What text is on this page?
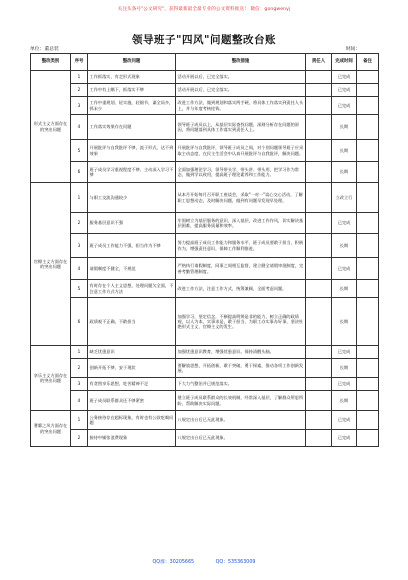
关注头条号"公文研究"，获得最新最全最专业的公文资料推送！ 微信：gongwenyj
领导班子"四风"问题整改台账
单位：董总装	时间：
整改类别	序号	整改问题	整改措施	责任人	完成时间	备注
形式主义方面存在的突出问题	1	工作抓落实，有走形式现象	活动开展以后，已完全落实。		已完成	
	2	工作中有上瞒下，抓落实不够	活动开展以后，已完全落实。		已完成	
	3	工作中重规划、轻实施，轻细节，谋全局多，抓末少	改进工作方法，做到规划和落实两手硬，将具体工作落实到责任人头上，并与年度考核挂钩。		已完成	
	4	工作落实效果存在问题	领导班子成员以上，从基层实际查找问题，深刻分析存在问题的原因，将问题落到具体工作落实到责任人上。		长期	
	5	开展批评与自我批评不够，流于形式，达不到效果	开展批评与自我批评，领导班子成员之间，对个别问题领导班子应采取主动态度，在民主生活会中认真开展批评与自我批评，解决问题。		长期	
	6	班子成员学习重视程度不够，主动深入学习不够	全面加强理论学习，领导带头学、带头讲、带头用，把学习作为常态，做到学以致用，提高班子理论素养和工作能力。		长期	
官僚主义方面存在的突出问题	1	与职工交流沟通较少	从本月开始每月召开职工座谈会，采取"一对一"谈心交心活动，了解职工思想动态，及时解决问题，做到有问题早发现早处理。		立改立行	
	2	服务基层意识不强	牢固树立为基层服务的意识，深入基层，改进工作作风，切实解决基层困难，提高服务质量和效率。		已完成	
	3	班子成员工作能力不强，担当作为不够	努力提高班子成员工作能力和服务水平，班子成员要敢于担当，积极作为，增强责任意识，保障工作顺利推进。		长期	
	4	请假制度不健全，不规范	严格执行请假制度，同事之间相互监督，建立健全请假审批制度，完善考勤管理制度。		已完成	
	5	有时存在个人主义思想，处理问题欠全面，不注意工作方式方法	改进工作方法，注意工作方式，统筹兼顾，全面考虑问题。		长期	
	6	政绩观不正确，不敢担当	加强学习，坚定信念，不断提高明辨是非的能力，树立正确的政绩观，以人为本，实事求是，敢于担当，为职工办实事办好事，坚决杜绝形式主义、官僚主义的发生。		长期	
享乐主义方面存在的突出问题	1	缺乏忧患意识	加强忧患意识教育，增强忧患意识。保持清醒头脑。		已完成	
	2	创新开拓不够，安于现状	要解放思想，开拓创新，敢于突破，勇于探索，推动各项工作创新发展。		长期	
	3	有贪图享乐思想，吃苦精神不足	下大力气整治并已规范落实。		已完成	
	4	班子成员联系群众还不够紧密	建立班子成员联系群众的长效机制，经常深入基层，了解群众所思所盼，帮助解决实际问题。		长期	
奢靡之风方面存在的突出问题	1	公务接待存在超标现象，有时也有公款吃喝问题	八规定出台后已无此现象。		已完成	
	2	接待中铺张浪费现象	八规定出台后已无此现象。		已完成	
QQ群：30205665	QQ：535363009
